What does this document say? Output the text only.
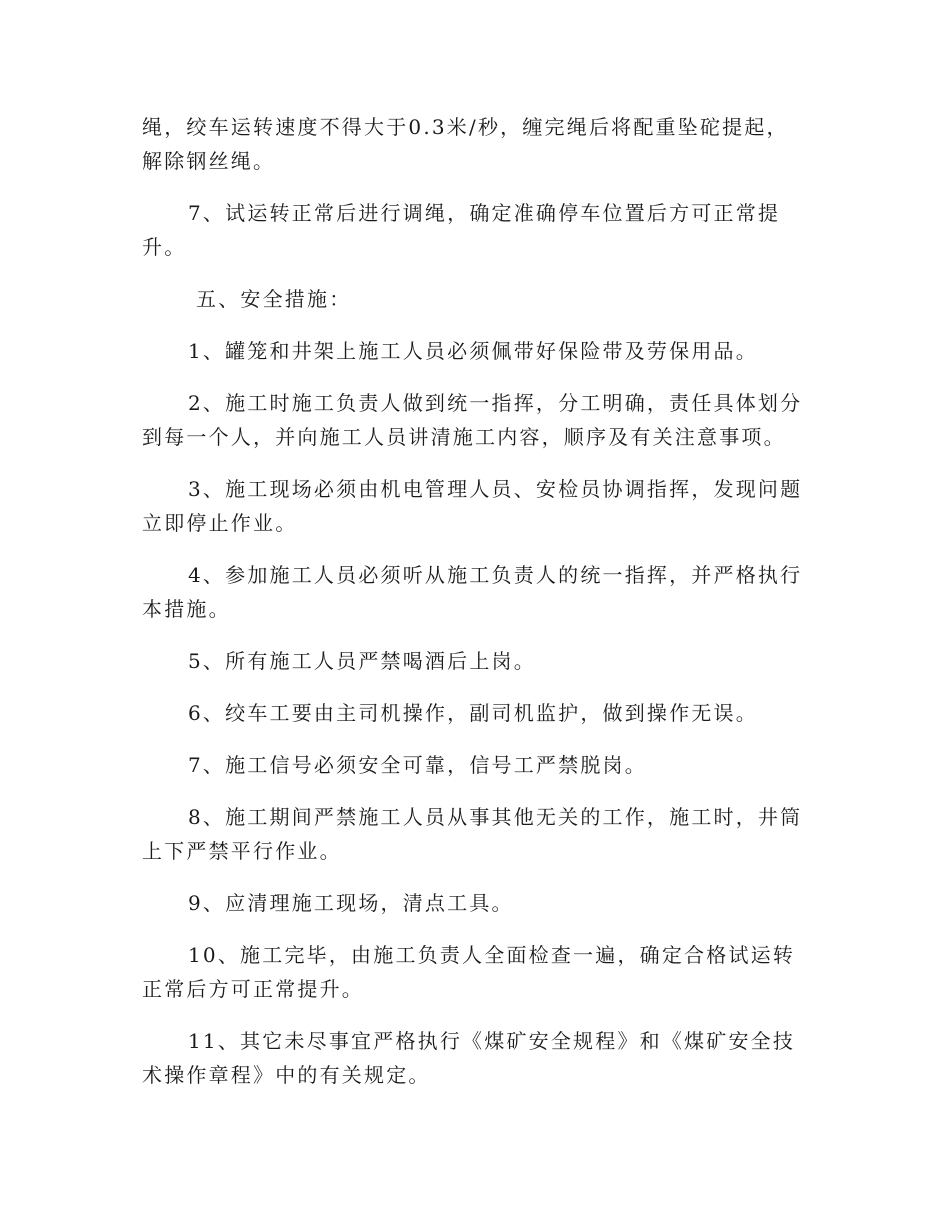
绳，绞车运转速度不得大于0.3米/秒，缠完绳后将配重坠砣提起，解除钢丝绳。

7、试运转正常后进行调绳，确定准确停车位置后方可正常提升。

五、安全措施：

1、罐笼和井架上施工人员必须佩带好保险带及劳保用品。

2、施工时施工负责人做到统一指挥，分工明确，责任具体划分到每一个人，并向施工人员讲清施工内容，顺序及有关注意事项。

3、施工现场必须由机电管理人员、安检员协调指挥，发现问题立即停止作业。

4、参加施工人员必须听从施工负责人的统一指挥，并严格执行本措施。

5、所有施工人员严禁喝酒后上岗。

6、绞车工要由主司机操作，副司机监护，做到操作无误。

7、施工信号必须安全可靠，信号工严禁脱岗。

8、施工期间严禁施工人员从事其他无关的工作，施工时，井筒上下严禁平行作业。

9、应清理施工现场，清点工具。

10、施工完毕，由施工负责人全面检查一遍，确定合格试运转正常后方可正常提升。

11、其它未尽事宜严格执行《煤矿安全规程》和《煤矿安全技术操作章程》中的有关规定。
